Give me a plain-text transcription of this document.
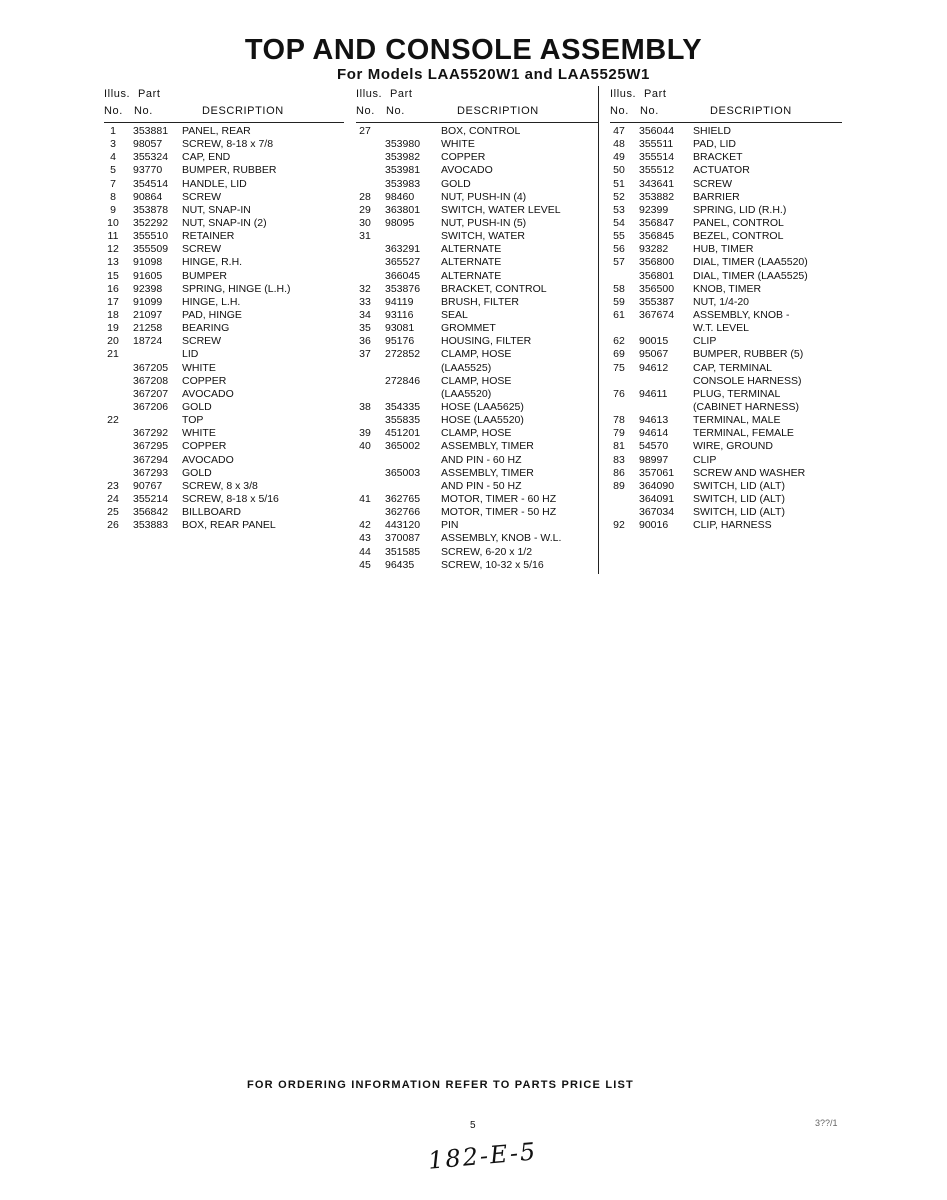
TOP AND CONSOLE ASSEMBLY
For Models LAA5520W1 and LAA5525W1
Illus. Part
No. No.	DESCRIPTION
1	353881 PANEL, REAR
3	98057 SCREW, 8-18 x 7/8
4	355324 CAP, END
5	93770 BUMPER, RUBBER
7	354514 HANDLE, LID
8	90864 SCREW
9	353878 NUT, SNAP-IN
10	352292 NUT, SNAP-IN (2)
11	355510 RETAINER
12	355509 SCREW
13	91098 HINGE, R.H.
15	91605 BUMPER
16	92398 SPRING, HINGE (L.H.)
17	91099 HINGE, L.H.
18	21097 PAD, HINGE
19	21258 BEARING
20	18724 SCREW
21	LID
367205 WHITE
367208 COPPER
367207 AVOCADO
367206 GOLD
22	TOP
367292 WHITE
367295 COPPER
367294 AVOCADO
367293 GOLD
23	90767 SCREW, 8 x 3/8
24	355214 SCREW, 8-18 x 5/16
25	356842 BILLBOARD
26	353883 BOX, REAR PANEL
Illus. Part
No. No.	DESCRIPTION
27	BOX, CONTROL
353980 WHITE
353982 COPPER
353981 AVOCADO
353983 GOLD
28	98460	NUT, PUSH-IN (4)
29	363801 SWITCH, WATER LEVEL
30	98095	NUT, PUSH-IN (5)
31	SWITCH, WATER
363291 ALTERNATE
365527 ALTERNATE
366045 ALTERNATE
32	353876 BRACKET, CONTROL
33	94119	BRUSH, FILTER
34	93116	SEAL
35	93081	GROMMET
36	95176	HOUSING, FILTER
37	272852 CLAMP, HOSE
(LAA5525)
272846 CLAMP, HOSE
(LAA5520)
38	354335 HOSE (LAA5625)
355835 HOSE (LAA5520)
39	451201 CLAMP, HOSE
40	365002 ASSEMBLY, TIMER
AND PIN - 60 HZ
365003 ASSEMBLY, TIMER
AND PIN - 50 HZ
41	362765 MOTOR, TIMER - 60 HZ
362766 MOTOR, TIMER - 50 HZ
42	443120 PIN
43	370087 ASSEMBLY, KNOB - W.L.
44	351585 SCREW, 6-20 x 1/2
45	96435	SCREW, 10-32 x 5/16
Illus. Part
No. No.	DESCRIPTION
47	356044 SHIELD
48	355511 PAD, LID
49	355514 BRACKET
50	355512 ACTUATOR
51	343641 SCREW
52	353882 BARRIER
53	92399 SPRING, LID (R.H.)
54	356847 PANEL, CONTROL
55	356845 BEZEL, CONTROL
56	93282 HUB, TIMER
57	356800 DIAL, TIMER (LAA5520)
356801 DIAL, TIMER (LAA5525)
58	356500 KNOB, TIMER
59	355387 NUT, 1/4-20
61	367674 ASSEMBLY, KNOB -
W.T. LEVEL
62	90015 CLIP
69	95067 BUMPER, RUBBER (5)
75	94612 CAP, TERMINAL
CONSOLE HARNESS)
76	94611 PLUG, TERMINAL
(CABINET HARNESS)
78	94613 TERMINAL, MALE
79	94614 TERMINAL, FEMALE
81	54570 WIRE, GROUND
83	98997 CLIP
86	357061 SCREW AND WASHER
89	364090 SWITCH, LID (ALT)
364091 SWITCH, LID (ALT)
367034 SWITCH, LID (ALT)
92	90016 CLIP, HARNESS
FOR ORDERING INFORMATION REFER TO PARTS PRICE LIST
5	3??/1
182-E-5
